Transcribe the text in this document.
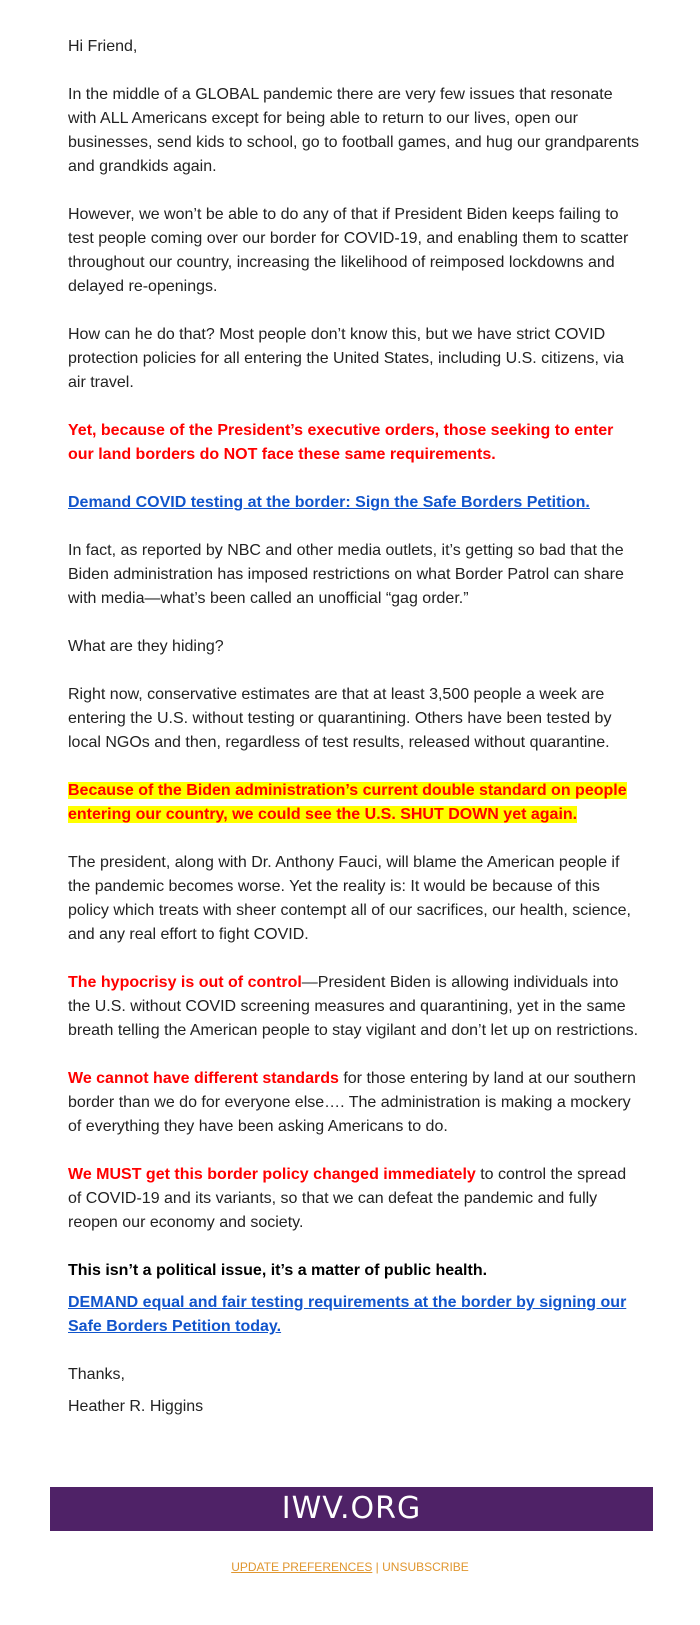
Hi Friend,

In the middle of a GLOBAL pandemic there are very few issues that resonate with ALL Americans except for being able to return to our lives, open our businesses, send kids to school, go to football games, and hug our grandparents and grandkids again.

However, we won’t be able to do any of that if President Biden keeps failing to test people coming over our border for COVID-19, and enabling them to scatter throughout our country, increasing the likelihood of reimposed lockdowns and delayed re-openings.

How can he do that? Most people don’t know this, but we have strict COVID protection policies for all entering the United States, including U.S. citizens, via air travel.

Yet, because of the President’s executive orders, those seeking to enter our land borders do NOT face these same requirements.

Demand COVID testing at the border: Sign the Safe Borders Petition.

In fact, as reported by NBC and other media outlets, it’s getting so bad that the Biden administration has imposed restrictions on what Border Patrol can share with media—what’s been called an unofficial “gag order.”

What are they hiding?

Right now, conservative estimates are that at least 3,500 people a week are entering the U.S. without testing or quarantining. Others have been tested by local NGOs and then, regardless of test results, released without quarantine.

Because of the Biden administration’s current double standard on people entering our country, we could see the U.S. SHUT DOWN yet again.

The president, along with Dr. Anthony Fauci, will blame the American people if the pandemic becomes worse. Yet the reality is: It would be because of this policy which treats with sheer contempt all of our sacrifices, our health, science, and any real effort to fight COVID.

The hypocrisy is out of control—President Biden is allowing individuals into the U.S. without COVID screening measures and quarantining, yet in the same breath telling the American people to stay vigilant and don’t let up on restrictions.

We cannot have different standards for those entering by land at our southern border than we do for everyone else…. The administration is making a mockery of everything they have been asking Americans to do.

We MUST get this border policy changed immediately to control the spread of COVID-19 and its variants, so that we can defeat the pandemic and fully reopen our economy and society.

This isn’t a political issue, it’s a matter of public health.

DEMAND equal and fair testing requirements at the border by signing our Safe Borders Petition today.

Thanks,

Heather R. Higgins

IWV.ORG
UPDATE PREFERENCES | UNSUBSCRIBE
